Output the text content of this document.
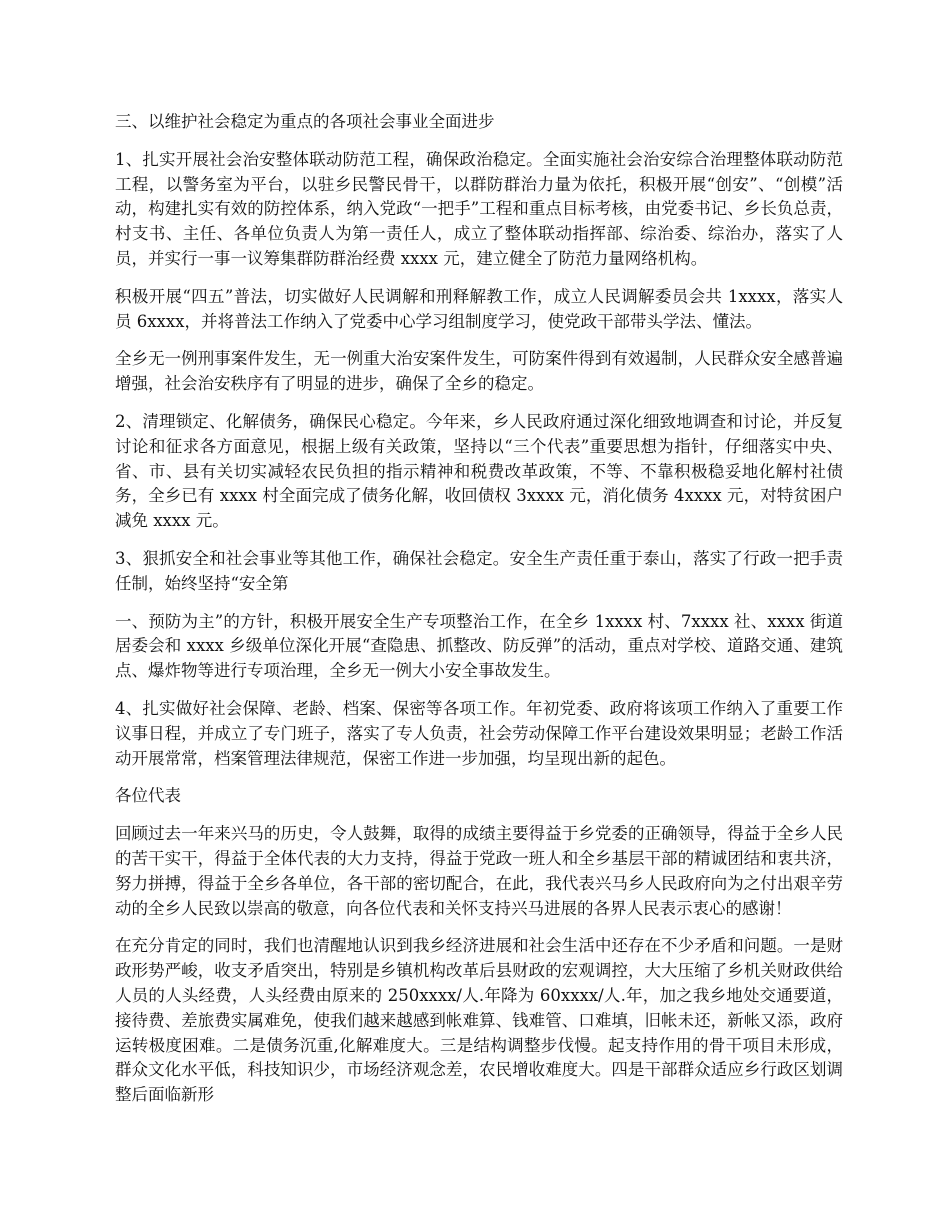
三、以维护社会稳定为重点的各项社会事业全面进步

1、扎实开展社会治安整体联动防范工程，确保政治稳定。全面实施社会治安综合治理整体联动防范工程，以警务室为平台，以驻乡民警民骨干，以群防群治力量为依托，积极开展“创安”、“创模”活动，构建扎实有效的防控体系，纳入党政“一把手”工程和重点目标考核，由党委书记、乡长负总责，村支书、主任、各单位负责人为第一责任人，成立了整体联动指挥部、综治委、综治办，落实了人员，并实行一事一议筹集群防群治经费 xxxx 元，建立健全了防范力量网络机构。

积极开展“四五”普法，切实做好人民调解和刑释解教工作，成立人民调解委员会共 1xxxx，落实人员 6xxxx，并将普法工作纳入了党委中心学习组制度学习，使党政干部带头学法、懂法。

全乡无一例刑事案件发生，无一例重大治安案件发生，可防案件得到有效遏制，人民群众安全感普遍增强，社会治安秩序有了明显的进步，确保了全乡的稳定。

2、清理锁定、化解债务，确保民心稳定。今年来，乡人民政府通过深化细致地调查和讨论，并反复讨论和征求各方面意见，根据上级有关政策，坚持以“三个代表”重要思想为指针，仔细落实中央、省、市、县有关切实减轻农民负担的指示精神和税费改革政策，不等、不靠积极稳妥地化解村社债务，全乡已有 xxxx 村全面完成了债务化解，收回债权 3xxxx 元，消化债务 4xxxx 元，对特贫困户减免 xxxx 元。

3、狠抓安全和社会事业等其他工作，确保社会稳定。安全生产责任重于泰山，落实了行政一把手责任制，始终坚持“安全第

一、预防为主”的方针，积极开展安全生产专项整治工作，在全乡 1xxxx 村、7xxxx 社、xxxx 街道居委会和 xxxx 乡级单位深化开展“查隐患、抓整改、防反弹”的活动，重点对学校、道路交通、建筑点、爆炸物等进行专项治理，全乡无一例大小安全事故发生。

4、扎实做好社会保障、老龄、档案、保密等各项工作。年初党委、政府将该项工作纳入了重要工作议事日程，并成立了专门班子，落实了专人负责，社会劳动保障工作平台建设效果明显；老龄工作活动开展常常，档案管理法律规范，保密工作进一步加强，均呈现出新的起色。

各位代表

回顾过去一年来兴马的历史，令人鼓舞，取得的成绩主要得益于乡党委的正确领导，得益于全乡人民的苦干实干，得益于全体代表的大力支持，得益于党政一班人和全乡基层干部的精诚团结和衷共济，努力拼搏，得益于全乡各单位，各干部的密切配合，在此，我代表兴马乡人民政府向为之付出艰辛劳动的全乡人民致以崇高的敬意，向各位代表和关怀支持兴马进展的各界人民表示衷心的感谢！

在充分肯定的同时，我们也清醒地认识到我乡经济进展和社会生活中还存在不少矛盾和问题。一是财政形势严峻，收支矛盾突出，特别是乡镇机构改革后县财政的宏观调控，大大压缩了乡机关财政供给人员的人头经费，人头经费由原来的 250xxxx/人.年降为 60xxxx/人.年，加之我乡地处交通要道，接待费、差旅费实属难免，使我们越来越感到帐难算、钱难管、口难填，旧帐未还，新帐又添，政府运转极度困难。二是债务沉重,化解难度大。三是结构调整步伐慢。起支持作用的骨干项目未形成，群众文化水平低，科技知识少，市场经济观念差，农民增收难度大。四是干部群众适应乡行政区划调整后面临新形
